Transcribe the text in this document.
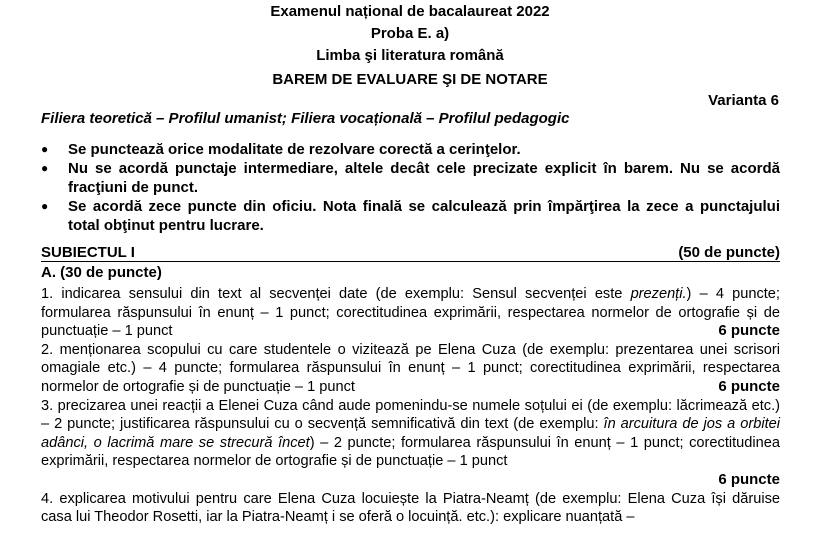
Examenul național de bacalaureat 2022
Proba E. a)
Limba şi literatura română
BAREM DE EVALUARE ŞI DE NOTARE
Varianta 6
Filiera teoretică – Profilul umanist; Filiera vocațională – Profilul pedagogic
●	Se punctează orice modalitate de rezolvare corectă a cerinţelor.
●	Nu se acordă punctaje intermediare, altele decât cele precizate explicit în barem. Nu se acordă fracţiuni de punct.
●	Se acordă zece puncte din oficiu. Nota finală se calculează prin împărţirea la zece a punctajului total obţinut pentru lucrare.
SUBIECTUL I	(50 de puncte)
A. (30 de puncte)

1. indicarea sensului din text al secvenței date (de exemplu: Sensul secvenței este prezenți.) – 4 puncte; formularea răspunsului în enunț – 1 punct; corectitudinea exprimării, respectarea normelor de ortografie și de punctuație – 1 punct	6 puncte

2. menționarea scopului cu care studentele o vizitează pe Elena Cuza (de exemplu: prezentarea unei scrisori omagiale etc.) – 4 puncte; formularea răspunsului în enunț – 1 punct; corectitudinea exprimării, respectarea normelor de ortografie și de punctuație – 1 punct	6 puncte

3. precizarea unei reacții a Elenei Cuza când aude pomenindu-se numele soțului ei (de exemplu: lăcrimează etc.) – 2 puncte; justificarea răspunsului cu o secvență semnificativă din text (de exemplu: în arcuitura de jos a orbitei adânci, o lacrimă mare se strecură încet) – 2 puncte; formularea răspunsului în enunț – 1 punct; corectitudinea exprimării, respectarea normelor de ortografie și de punctuație – 1 punct

6 puncte

4. explicarea motivului pentru care Elena Cuza locuiește la Piatra-Neamț (de exemplu: Elena Cuza își dăruise casa lui Theodor Rosetti, iar la Piatra-Neamț i se oferă o locuință. etc.): explicare nuanțată –
